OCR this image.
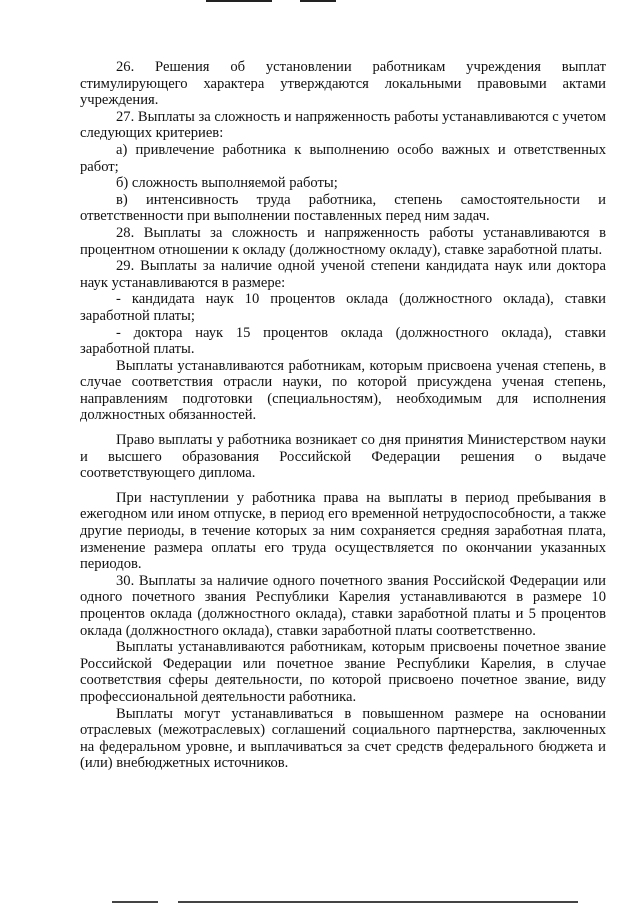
26. Решения об установлении работникам учреждения выплат стимулирующего характера утверждаются локальными правовыми актами учреждения.

27. Выплаты за сложность и напряженность работы устанавливаются с учетом следующих критериев:

а) привлечение работника к выполнению особо важных и ответственных работ;

б) сложность выполняемой работы;

в) интенсивность труда работника, степень самостоятельности и ответственности при выполнении поставленных перед ним задач.

28. Выплаты за сложность и напряженность работы устанавливаются в процентном отношении к окладу (должностному окладу), ставке заработной платы.

29. Выплаты за наличие одной ученой степени кандидата наук или доктора наук устанавливаются в размере:

- кандидата наук 10 процентов оклада (должностного оклада), ставки заработной платы;

- доктора наук 15 процентов оклада (должностного оклада), ставки заработной платы.

Выплаты устанавливаются работникам, которым присвоена ученая степень, в случае соответствия отрасли науки, по которой присуждена ученая степень, направлениям подготовки (специальностям), необходимым для исполнения должностных обязанностей.

Право выплаты у работника возникает со дня принятия Министерством науки и высшего образования Российской Федерации решения о выдаче соответствующего диплома.

При наступлении у работника права на выплаты в период пребывания в ежегодном или ином отпуске, в период его временной нетрудоспособности, а также другие периоды, в течение которых за ним сохраняется средняя заработная плата, изменение размера оплаты его труда осуществляется по окончании указанных периодов.

30. Выплаты за наличие одного почетного звания Российской Федерации или одного почетного звания Республики Карелия устанавливаются в размере 10 процентов оклада (должностного оклада), ставки заработной платы и 5 процентов оклада (должностного оклада), ставки заработной платы соответственно.

Выплаты устанавливаются работникам, которым присвоены почетное звание Российской Федерации или почетное звание Республики Карелия, в случае соответствия сферы деятельности, по которой присвоено почетное звание, виду профессиональной деятельности работника.

Выплаты могут устанавливаться в повышенном размере на основании отраслевых (межотраслевых) соглашений социального партнерства, заключенных на федеральном уровне, и выплачиваться за счет средств федерального бюджета и (или) внебюджетных источников.
